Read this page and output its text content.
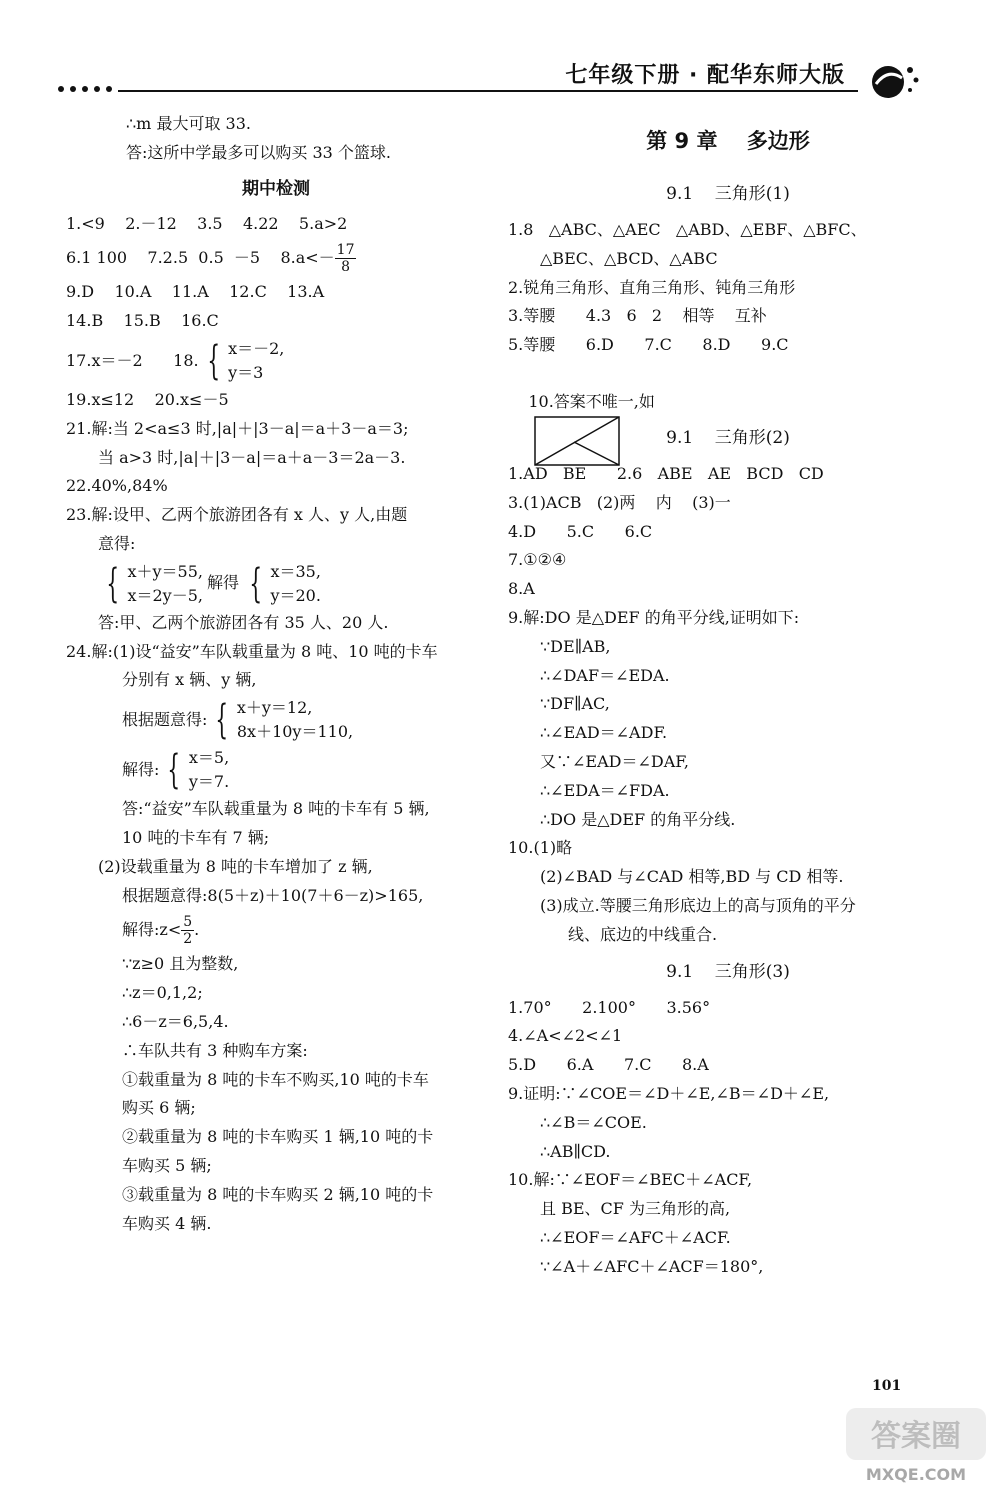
七年级下册 · 配华东师大版
∴m 最大可取 33.
答:这所中学最多可以购买 33 个篮球.
期中检测
1.<9    2.－12    3.5    4.22    5.a>2
6.1 100    7.2.5  0.5  －5    $8.a<- \frac{17}{8}$
9.D    10.A    11.A    12.C    13.A
14.B    15.B    16.C
17.x＝－2      18. { x＝－2,
y＝3
19.x≤12    20.x≤－5
21.解:当 2<a≤3 时,|a|＋|3－a|＝a＋3－a＝3;
当 a>3 时,|a|＋|3－a|＝a＋a－3＝2a－3.
22.40%,84%
23.解:设甲、乙两个旅游团各有 x 人、y 人,由题
意得:
{ x＋y＝55,
x＝2y－5,
解得 { x＝35,
y＝20.
答:甲、乙两个旅游团各有 35 人、20 人.
24.解:(1)设“益安”车队载重量为 8 吨、10 吨的卡车
分别有 x 辆、y 辆,
根据题意得: { x＋y＝12,
8x＋10y＝110,
解得: { x＝5,
y＝7.
答:“益安”车队载重量为 8 吨的卡车有 5 辆,
10 吨的卡车有 7 辆;
(2)设载重量为 8 吨的卡车增加了 z 辆,
根据题意得:8(5＋z)＋10(7＋6－z)>165,
解得:z< $\frac{5}{2}$ .
∵z≥0 且为整数,
∴z＝0,1,2;
∴6－z＝6,5,4.
∴车队共有 3 种购车方案:
①载重量为 8 吨的卡车不购买,10 吨的卡车
购买 6 辆;
②载重量为 8 吨的卡车购买 1 辆,10 吨的卡
车购买 5 辆;
③载重量为 8 吨的卡车购买 2 辆,10 吨的卡
车购买 4 辆.
第 9 章    多边形
9.1    三角形(1)
1.8   △ABC、△AEC   △ABD、△EBF、△BFC、
△BEC、△BCD、△ABC
2.锐角三角形、直角三角形、钝角三角形
3.等腰      4.3   6   2    相等    互补
5.等腰      6.D      7.C      8.D      9.C

10.答案不唯一,如

9.1    三角形(2)
1.AD   BE      2.6   ABE   AE   BCD   CD
3.(1)ACB   (2)两    内    (3)一
4.D      5.C      6.C
7.①②④
8.A
9.解:DO 是△DEF 的角平分线,证明如下:
∵DE∥AB,
∴∠DAF＝∠EDA.
∵DF∥AC,
∴∠EAD＝∠ADF.
又∵∠EAD＝∠DAF,
∴∠EDA＝∠FDA.
∴DO 是△DEF 的角平分线.
10.(1)略
(2)∠BAD 与∠CAD 相等,BD 与 CD 相等.
(3)成立.等腰三角形底边上的高与顶角的平分
线、底边的中线重合.
9.1    三角形(3)
1.70°      2.100°      3.56°
4.∠A<∠2<∠1
5.D      6.A      7.C      8.A
9.证明:∵∠COE＝∠D＋∠E,∠B＝∠D＋∠E,
∴∠B＝∠COE.
∴AB∥CD.
10.解:∵∠EOF＝∠BEC＋∠ACF,
且 BE、CF 为三角形的高,
∴∠EOF＝∠AFC＋∠ACF.
∵∠A＋∠AFC＋∠ACF＝180°,
101
答案圈
MXQE.COM
